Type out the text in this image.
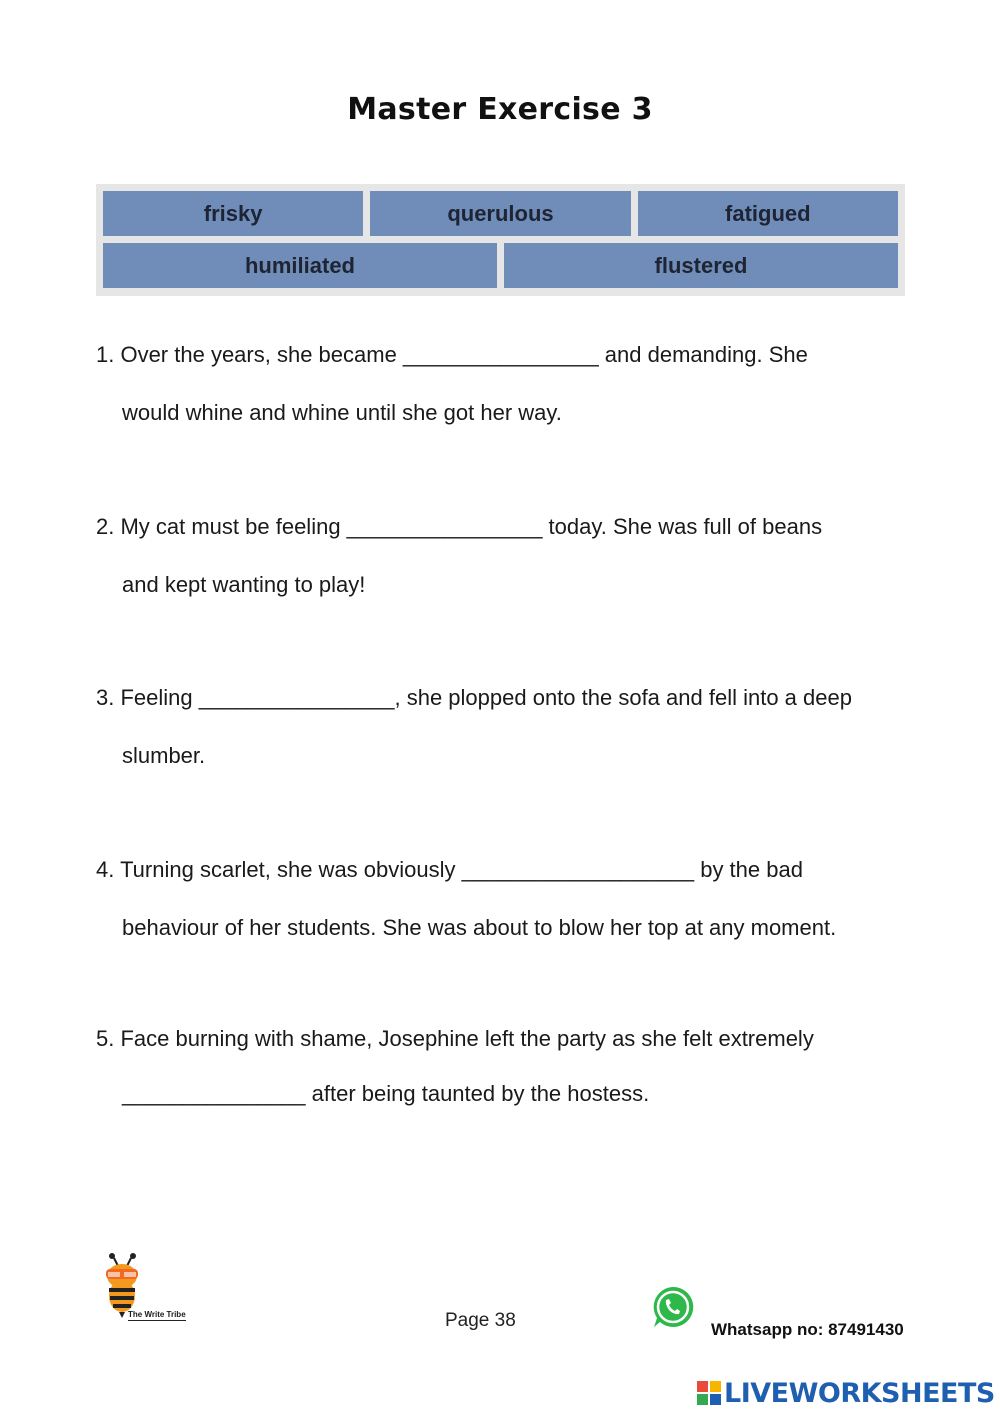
Master Exercise 3
frisky	querulous	fatigued
humiliated	flustered
1. Over the years, she became ________________ and demanding. She
would whine and whine until she got her way.
2. My cat must be feeling ________________ today. She was full of beans
and kept wanting to play!
3. Feeling ________________, she plopped onto the sofa and fell into a deep
slumber.
4. Turning scarlet, she was obviously ___________________ by the bad
behaviour of her students. She was about to blow her top at any moment.
5. Face burning with shame, Josephine left the party as she felt extremely
_______________ after being taunted by the hostess.
The Write Tribe	Page 38	Whatsapp no: 87491430
LIVEWORKSHEETS
